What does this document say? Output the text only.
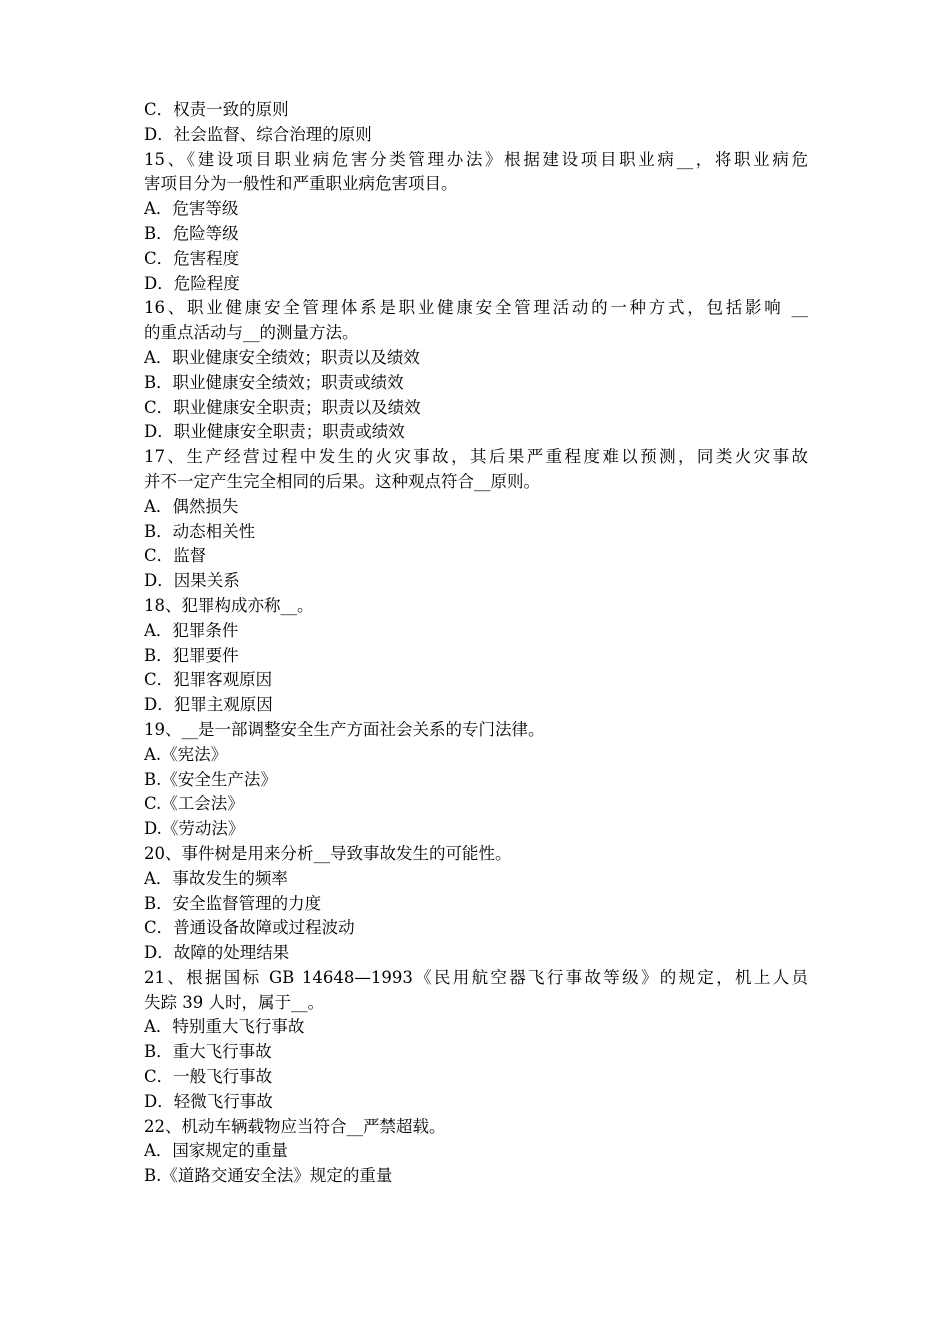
C．权责一致的原则
D．社会监督、综合治理的原则
15、《建设项目职业病危害分类管理办法》根据建设项目职业病__，将职业病危
害项目分为一般性和严重职业病危害项目。
A．危害等级
B．危险等级
C．危害程度
D．危险程度
16、职业健康安全管理体系是职业健康安全管理活动的一种方式，包括影响 __
的重点活动与__的测量方法。
A．职业健康安全绩效；职责以及绩效
B．职业健康安全绩效；职责或绩效
C．职业健康安全职责；职责以及绩效
D．职业健康安全职责；职责或绩效
17、生产经营过程中发生的火灾事故，其后果严重程度难以预测，同类火灾事故
并不一定产生完全相同的后果。这种观点符合__原则。
A．偶然损失
B．动态相关性
C．监督
D．因果关系
18、犯罪构成亦称__。
A．犯罪条件
B．犯罪要件
C．犯罪客观原因
D．犯罪主观原因
19、__是一部调整安全生产方面社会关系的专门法律。
A.《宪法》
B.《安全生产法》
C.《工会法》
D.《劳动法》
20、事件树是用来分析__导致事故发生的可能性。
A．事故发生的频率
B．安全监督管理的力度
C．普通设备故障或过程波动
D．故障的处理结果
21、根据国标 GB 14648—1993《民用航空器飞行事故等级》的规定，机上人员
失踪 39 人时，属于__。
A．特别重大飞行事故
B．重大飞行事故
C．一般飞行事故
D．轻微飞行事故
22、机动车辆载物应当符合__严禁超载。
A．国家规定的重量
B.《道路交通安全法》规定的重量
